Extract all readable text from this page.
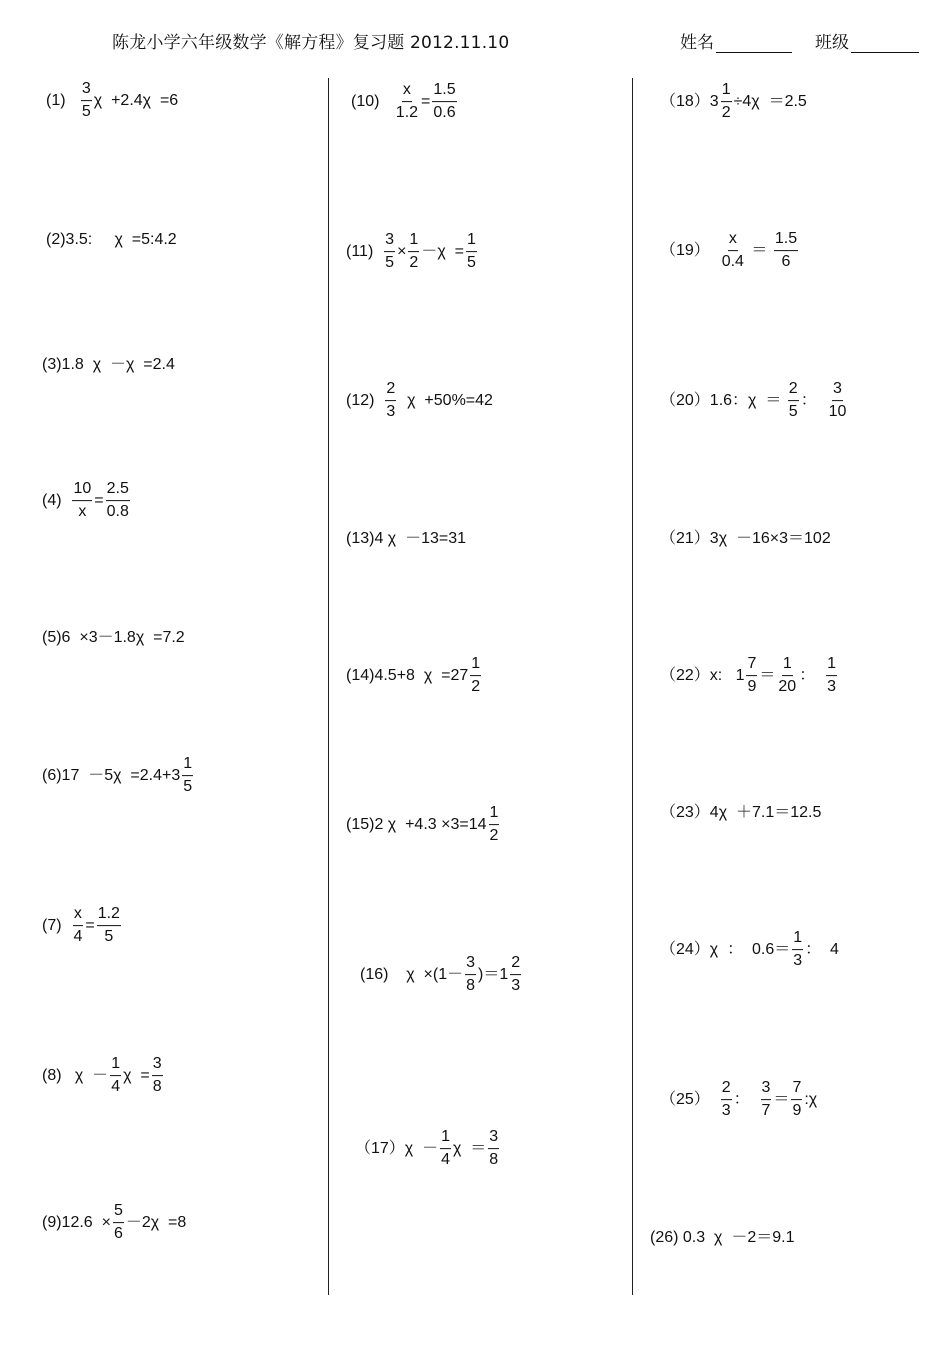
陈龙小学六年级数学《解方程》复习题 2012.11.10	姓名	班级
$(1) \frac{3}{5}$ χ  +2.4χ  =6
(2)3.5:     χ  =5:4.2
(3)1.8  χ  －χ  =2.4
$(4) \frac{10}{x} = \frac{2.5}{0.8}$
(5)6  ×3－1.8χ  =7.2
$(6)17 -5\chi =2.4+3 \frac{1}{5}$
$(7) \frac{x}{4} = \frac{1.2}{5}$
(8)   $\chi - \frac{1}{4}$ $\chi = \frac{3}{8}$
$(9)12.6 \times \frac{5}{6} -2\chi =8$
$(10) \frac{x}{1.2} = \frac{1.5}{0.6}$
$(11) \frac{3}{5} \times \frac{1}{2} -\chi = \frac{1}{5}$
$(12) \frac{2}{3}$ χ  +50%=42
(13)4 χ  －13=31
(14)4.5+8  $\chi =27 \frac{1}{2}$
(15)2 $\chi +4.3 \times 3=14 \frac{1}{2}$
(16)    $\chi \times(1- \frac{3}{8} )=1 \frac{2}{3}$
$(17)\chi - \frac{1}{4}$ $\chi = \frac{3}{8}$
$(18)3 \frac{1}{2} \div 4\chi =2.5$
$(19) \frac{x}{0.4} = \frac{1.5}{6}$
（20）1.6：$\chi = \frac{2}{5}$ ： $\frac{3}{10}$
（21）3χ  －16×3＝102
（22）x:   $1 \frac{7}{9} = \frac{1}{20}$ ： $\frac{1}{3}$
（23）4χ  ＋7.1＝12.5
（24）χ  ：  $0.6= \frac{1}{3}$ ：  4
$(25) \frac{2}{3}$ ： $\frac{3}{7} = \frac{7}{9}$ :χ
(26) 0.3  χ  －2＝9.1
